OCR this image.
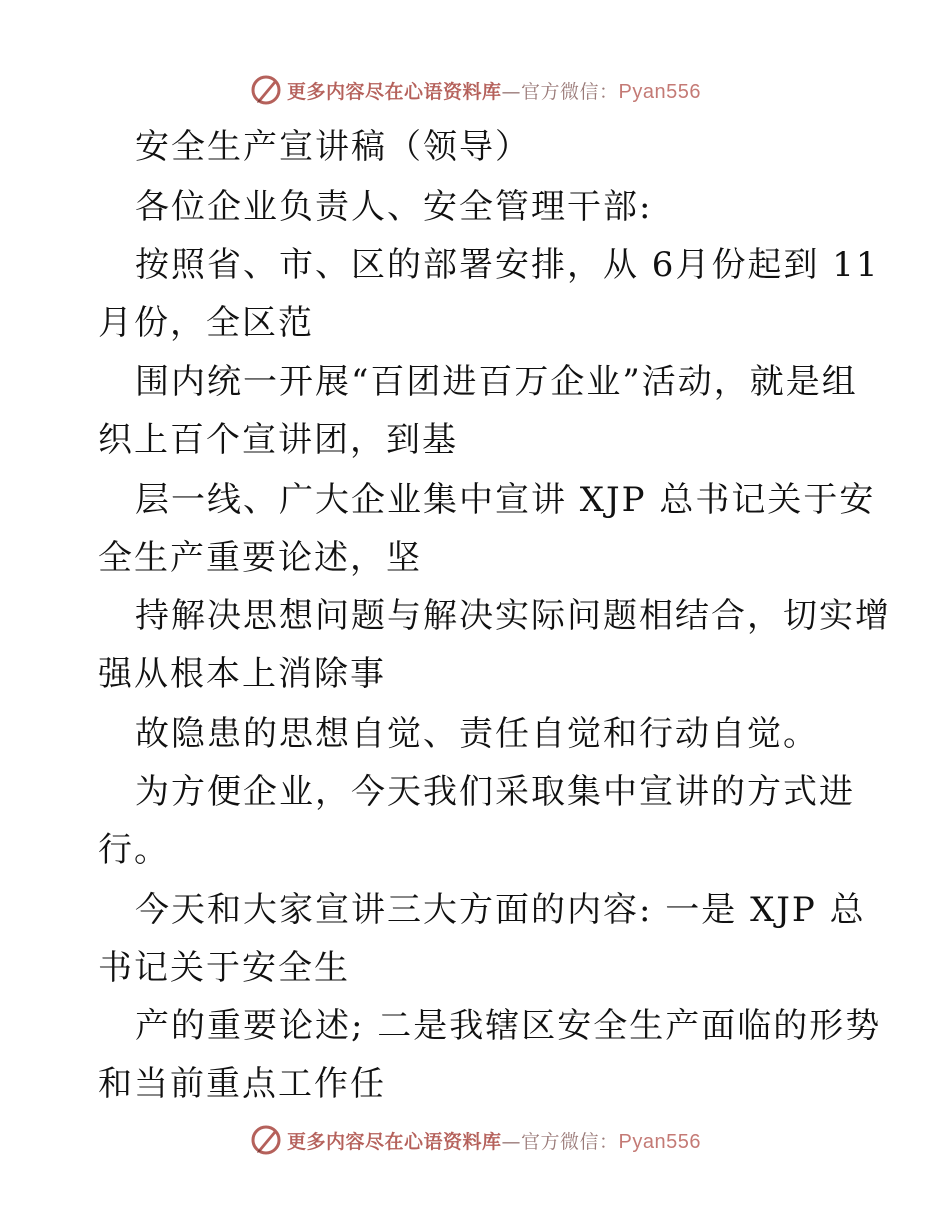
更多内容尽在心语资料库—官方微信：Pyan556
安全生产宣讲稿（领导）
各位企业负责人、安全管理干部:
按照省、市、区的部署安排，从 6月份起到 11
月份，全区范
围内统一开展“百团进百万企业”活动，就是组
织上百个宣讲团，到基
层一线、广大企业集中宣讲 XJP 总书记关于安
全生产重要论述，坚
持解决思想问题与解决实际问题相结合，切实增
强从根本上消除事
故隐患的思想自觉、责任自觉和行动自觉。
为方便企业，今天我们采取集中宣讲的方式进
行。
今天和大家宣讲三大方面的内容: 一是 XJP 总
书记关于安全生
产的重要论述; 二是我辖区安全生产面临的形势
和当前重点工作任
更多内容尽在心语资料库—官方微信：Pyan556
